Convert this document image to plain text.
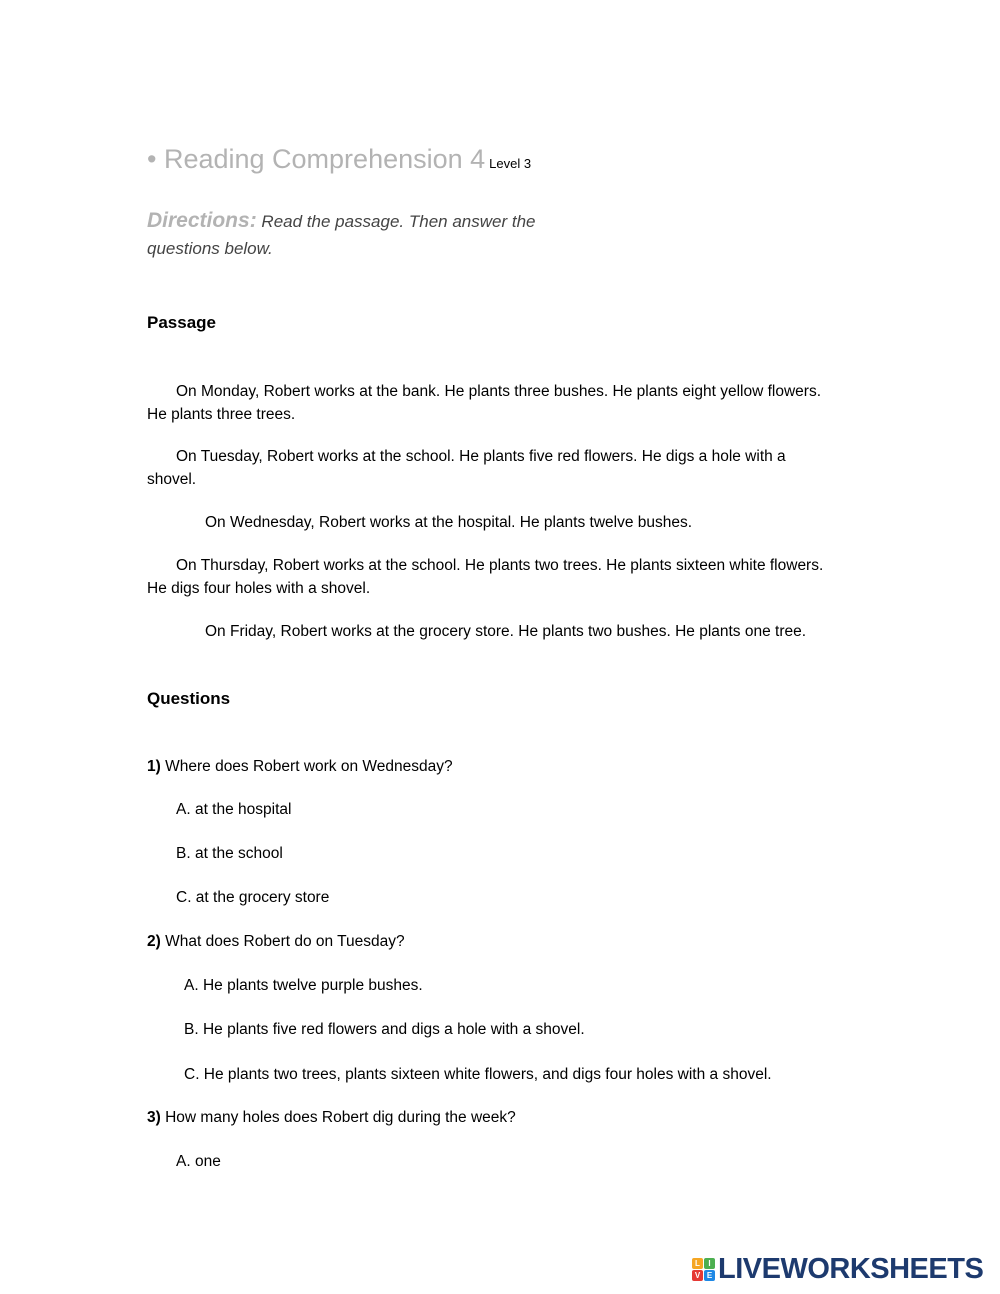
• Reading Comprehension 4 Level 3
Directions: Read the passage. Then answer the questions below.
Passage
On Monday, Robert works at the bank. He plants three bushes. He plants eight yellow flowers. He plants three trees.
On Tuesday, Robert works at the school. He plants five red flowers. He digs a hole with a shovel.
On Wednesday, Robert works at the hospital. He plants twelve bushes.
On Thursday, Robert works at the school. He plants two trees. He plants sixteen white flowers. He digs four holes with a shovel.
On Friday, Robert works at the grocery store. He plants two bushes. He plants one tree.
Questions
1) Where does Robert work on Wednesday?
A. at the hospital
B. at the school
C. at the grocery store
2) What does Robert do on Tuesday?
A. He plants twelve purple bushes.
B. He plants five red flowers and digs a hole with a shovel.
C. He plants two trees, plants sixteen white flowers, and digs four holes with a shovel.
3) How many holes does Robert dig during the week?
A. one
L	I
V E LIVEWORKSHEETS
